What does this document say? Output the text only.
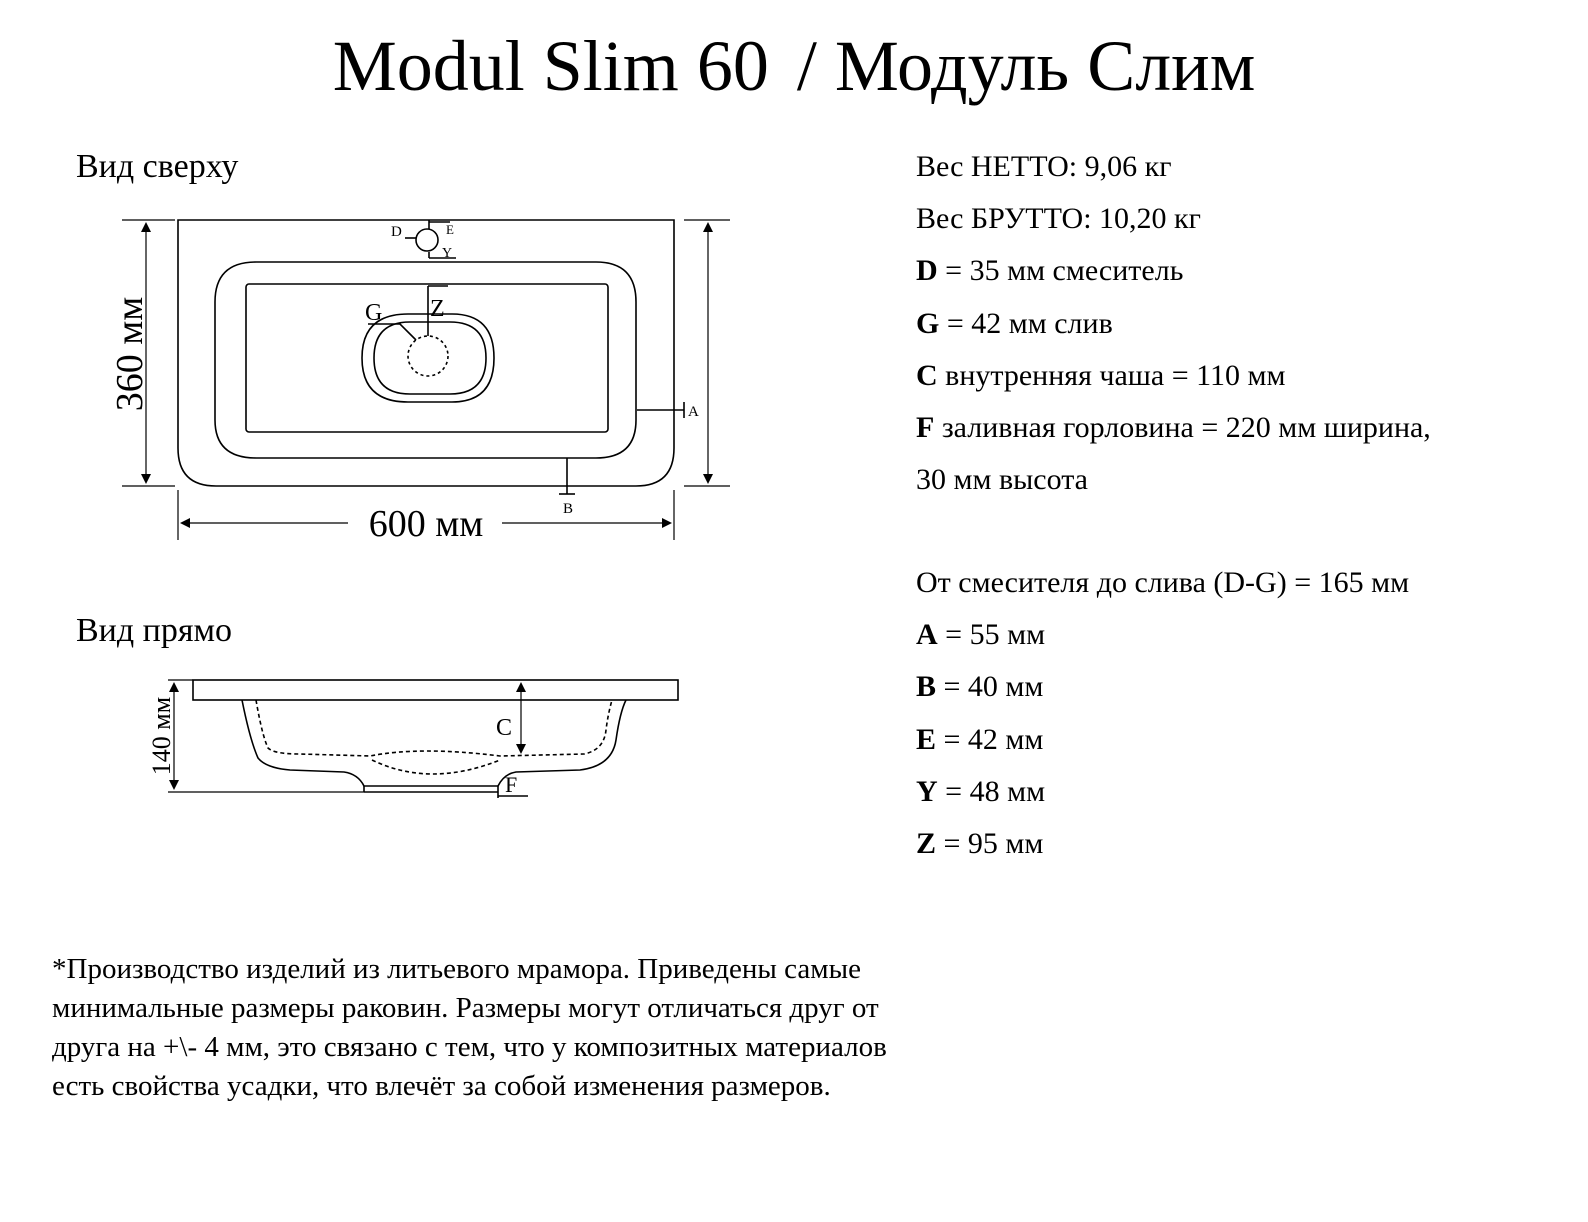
Modul Slim 60 / Модуль Слим
Вид сверху
Вид прямо
600 мм
360 мм
140 мм
D	E
Y
G Z
A
B
C
F
Вес НЕТТО: 9,06 кг
Вес БРУТТО: 10,20 кг
D = 35 мм смеситель
G = 42 мм слив
C внутренняя чаша = 110 мм
F заливная горловина = 220 мм ширина,
30 мм высота
От смесителя до слива (D-G) = 165 мм
A = 55 мм
B = 40 мм
E = 42 мм
Y = 48 мм
Z = 95 мм
*Производство изделий из литьевого мрамора. Приведены самые
минимальные размеры раковин. Размеры могут отличаться друг от
друга на +\- 4 мм, это связано с тем, что у композитных материалов
есть свойства усадки, что влечёт за собой изменения размеров.
